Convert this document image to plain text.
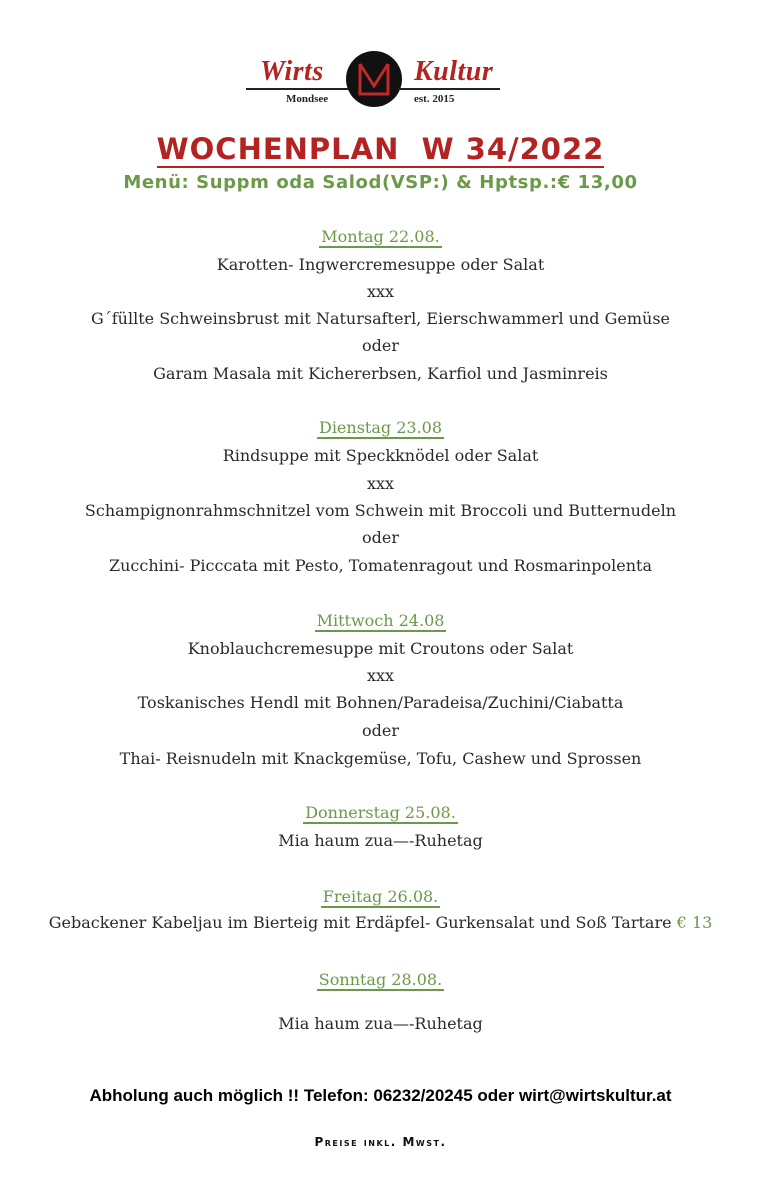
Wirts	Kultur
Mondsee	est. 2015
WOCHENPLAN  W 34/2022
Menü: Suppm oda Salod(VSP:) & Hptsp.:€ 13,00
Montag 22.08.
Karotten- Ingwercremesuppe oder Salat
xxx
G´füllte Schweinsbrust mit Natursafterl, Eierschwammerl und Gemüse
oder
Garam Masala mit Kichererbsen, Karfiol und Jasminreis
Dienstag 23.08
Rindsuppe mit Speckknödel oder Salat
xxx
Schampignonrahmschnitzel vom Schwein mit Broccoli und Butternudeln
oder
Zucchini- Picccata mit Pesto, Tomatenragout und Rosmarinpolenta
Mittwoch 24.08
Knoblauchcremesuppe mit Croutons oder Salat
xxx
Toskanisches Hendl mit Bohnen/Paradeisa/Zuchini/Ciabatta
oder
Thai- Reisnudeln mit Knackgemüse, Tofu, Cashew und Sprossen
Donnerstag 25.08.
Mia haum zua—-Ruhetag
Freitag 26.08.
Gebackener Kabeljau im Bierteig mit Erdäpfel- Gurkensalat und Soß Tartare € 13
Sonntag 28.08.
Mia haum zua—-Ruhetag
Abholung auch möglich !! Telefon: 06232/20245 oder wirt@wirtskultur.at
Preise inkl. Mwst.
